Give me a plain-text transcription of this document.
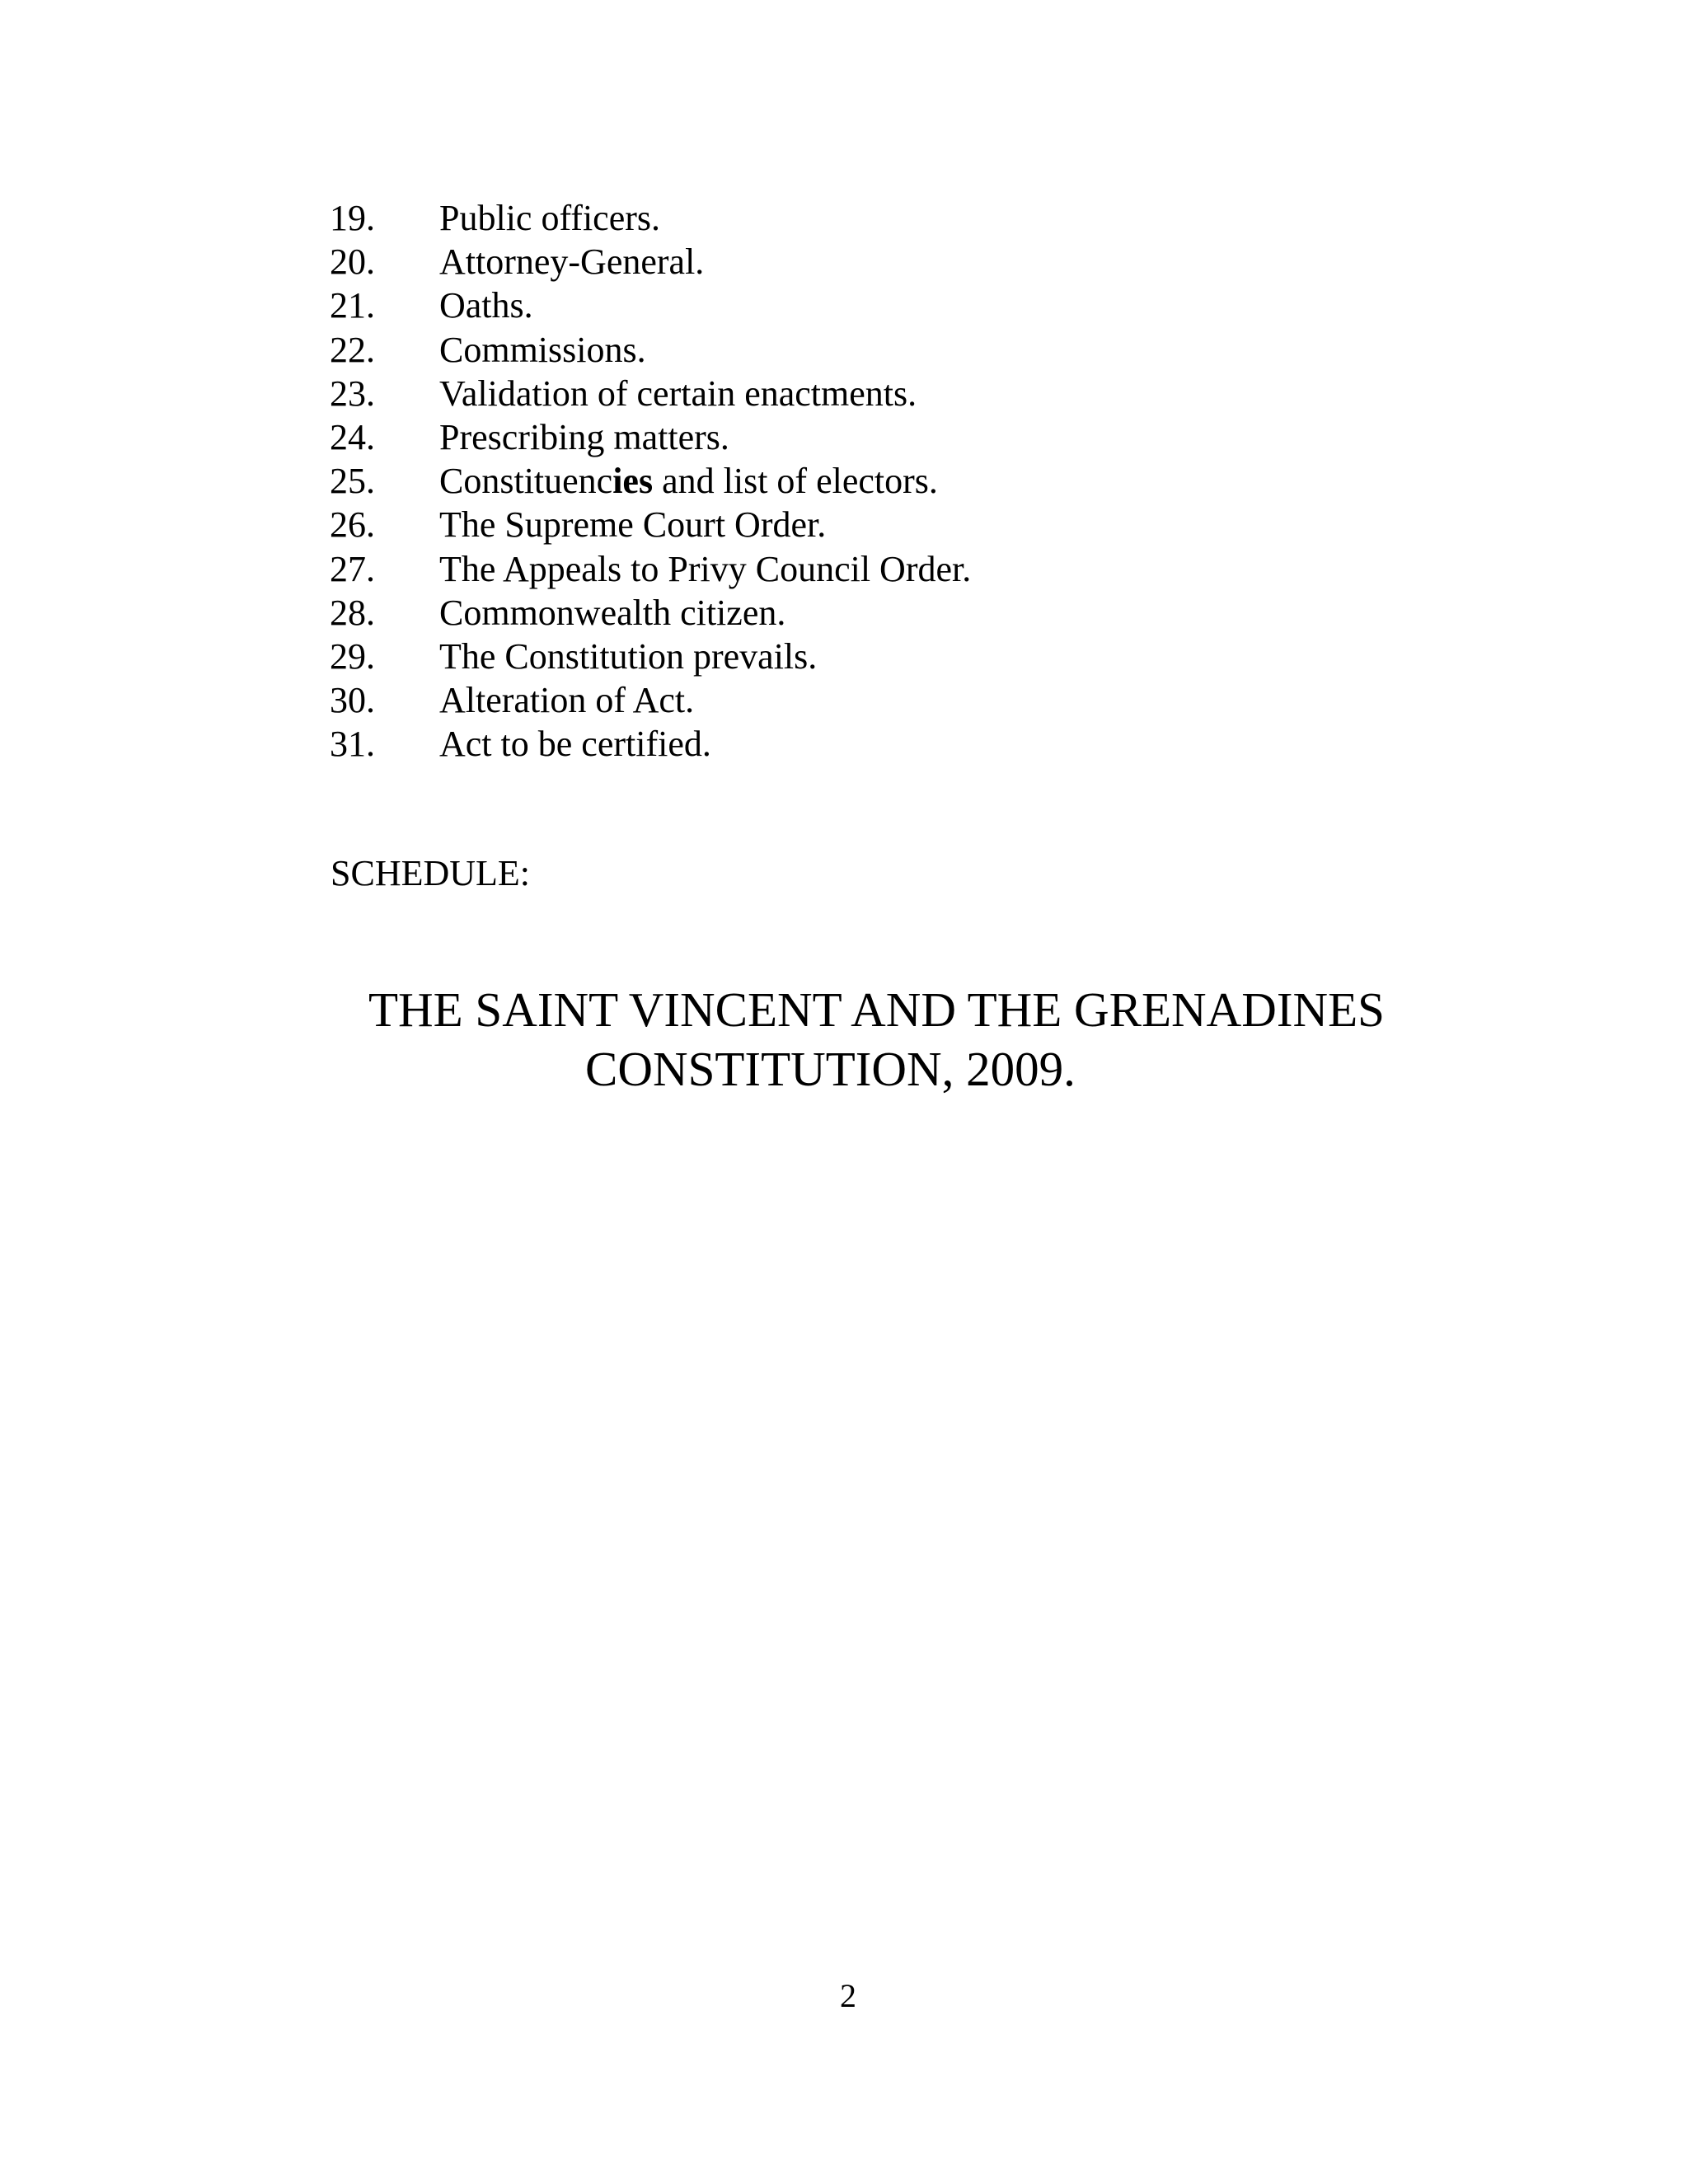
19.	Public officers.
20.	Attorney-General.
21.	Oaths.
22.	Commissions.
23.	Validation of certain enactments.
24.	Prescribing matters.
25.	Constituencies and list of electors.
26.	The Supreme Court Order.
27.	The Appeals to Privy Council Order.
28.	Commonwealth citizen.
29.	The Constitution prevails.
30.	Alteration of Act.
31.	Act to be certified.
SCHEDULE:
THE SAINT VINCENT AND THE GRENADINES
CONSTITUTION, 2009.
2
